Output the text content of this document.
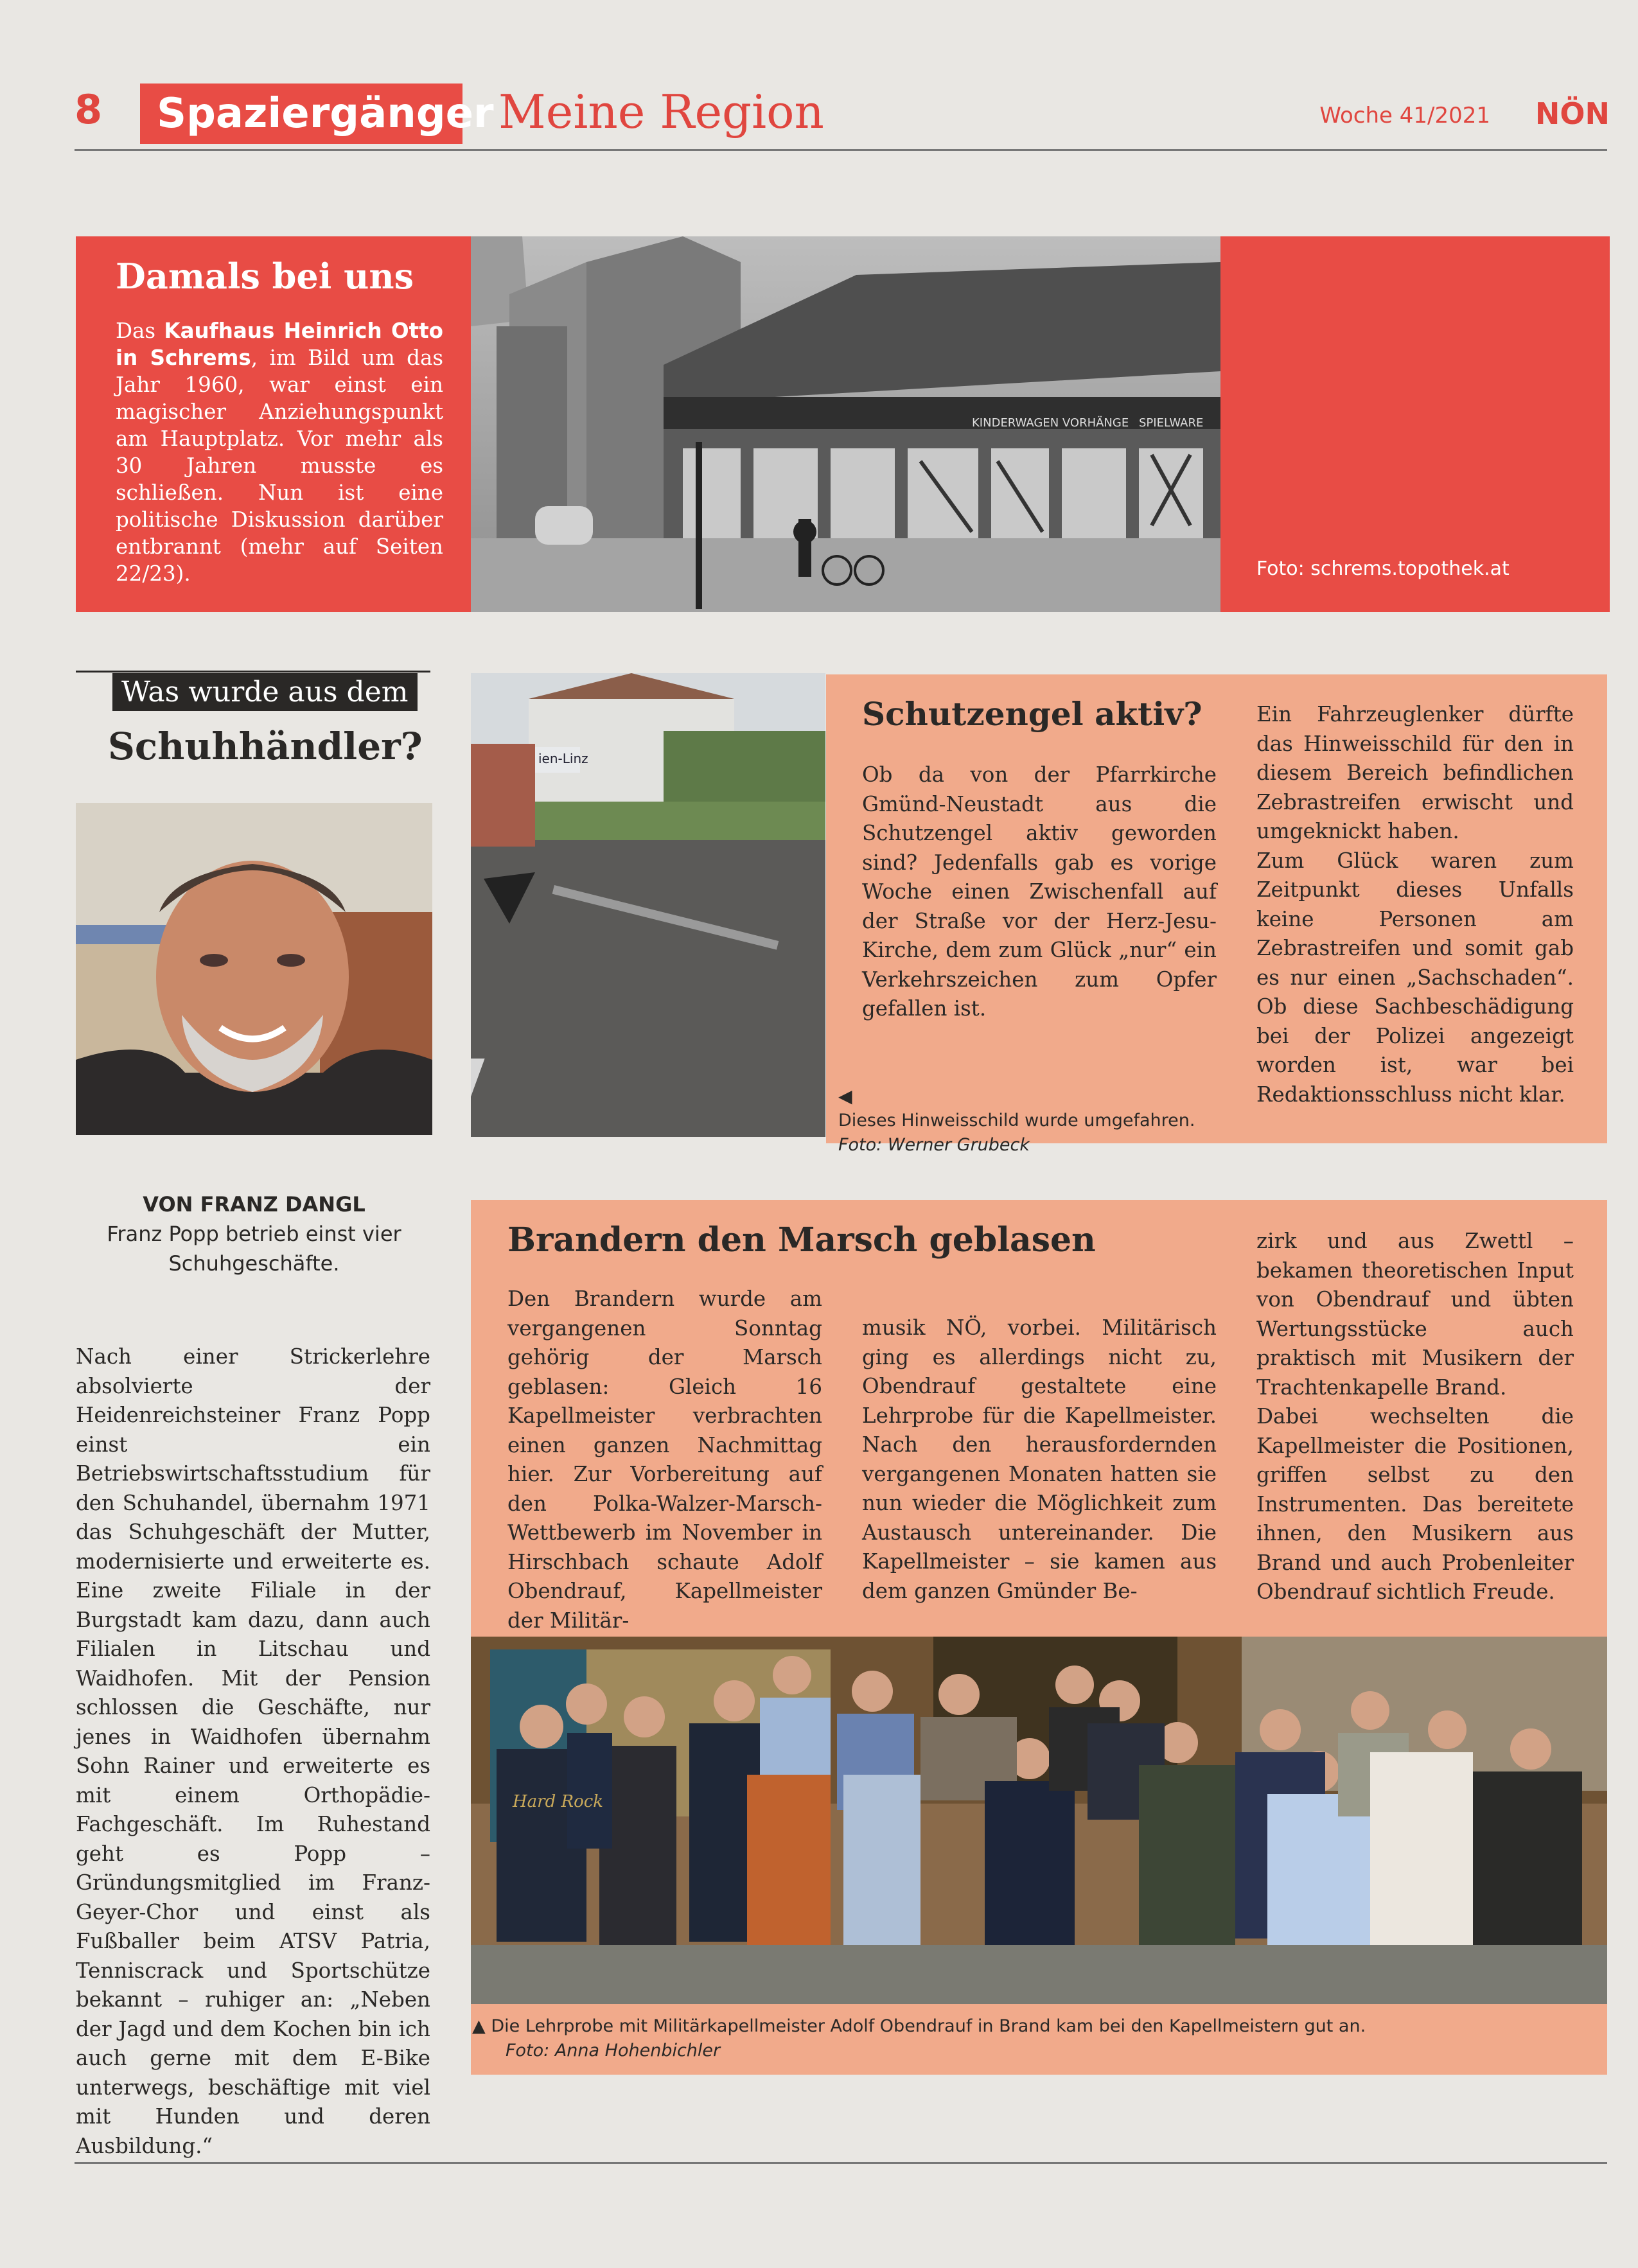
8	Spaziergänger Meine Region	Woche 41/2021 NÖN
Damals bei uns
Das Kaufhaus Heinrich Otto in Schrems, im Bild um das Jahr 1960, war einst ein magischer Anziehungspunkt am Hauptplatz. Vor mehr als 30 Jahren musste es schließen. Nun ist eine politische Diskussion darüber entbrannt (mehr auf Seiten 22/23).
KINDERWAGEN VORHÄNGE SPIELWARE
Foto: schrems.topothek.at
Was wurde aus dem
Schuhhändler?
VON FRANZ DANGL
Franz Popp betrieb einst vier Schuhgeschäfte.
Nach einer Strickerlehre absolvierte der Heidenreichsteiner Franz Popp einst ein Betriebswirtschaftsstudium für den Schuhandel, übernahm 1971 das Schuhgeschäft der Mutter, modernisierte und erweiterte es. Eine zweite Filiale in der Burgstadt kam dazu, dann auch Filialen in Litschau und Waidhofen. Mit der Pension schlossen die Geschäfte, nur jenes in Waidhofen übernahm Sohn Rainer und erweiterte es mit einem Orthopädie-Fachgeschäft. Im Ruhestand geht es Popp – Gründungsmitglied im Franz-Geyer-Chor und einst als Fußballer beim ATSV Patria, Tenniscrack und Sportschütze bekannt – ruhiger an: „Neben der Jagd und dem Kochen bin ich auch gerne mit dem E-Bike unterwegs, beschäftige mit viel mit Hunden und deren Ausbildung.“
ien-Linz
Schutzengel aktiv?
Ob da von der Pfarrkirche Gmünd-Neustadt aus die Schutzengel aktiv geworden sind? Jedenfalls gab es vorige Woche einen Zwischenfall auf der Straße vor der Herz-Jesu-Kirche, dem zum Glück „nur“ ein Verkehrszeichen zum Opfer gefallen ist.

Ein Fahrzeuglenker dürfte das Hinweisschild für den in diesem Bereich befindlichen Zebrastreifen erwischt und umgeknickt haben.

Zum Glück waren zum Zeitpunkt dieses Unfalls keine Personen am Zebrastreifen und somit gab es nur einen „Sachschaden“. Ob diese Sachbeschädigung bei der Polizei angezeigt worden ist, war bei Redaktionsschluss nicht klar.

◀
Dieses Hinweisschild wurde umgefahren.
Foto: Werner Grubeck
Brandern den Marsch geblasen
Den Brandern wurde am vergangenen Sonntag gehörig der Marsch geblasen: Gleich 16 Kapellmeister verbrachten einen ganzen Nachmittag hier. Zur Vorbereitung auf den Polka-Walzer-Marsch-Wettbewerb im November in Hirschbach schaute Adolf Obendrauf, Kapellmeister der Militär-
musik NÖ, vorbei. Militärisch ging es allerdings nicht zu, Obendrauf gestaltete eine Lehrprobe für die Kapellmeister. Nach den herausfordernden vergangenen Monaten hatten sie nun wieder die Möglichkeit zum Austausch untereinander. Die Kapellmeister – sie kamen aus dem ganzen Gmünder Be-

zirk und aus Zwettl – bekamen theoretischen Input von Obendrauf und übten Wertungsstücke auch praktisch mit Musikern der Trachtenkapelle Brand.

Dabei wechselten die Kapellmeister die Positionen, griffen selbst zu den Instrumenten. Das bereitete ihnen, den Musikern aus Brand und auch Probenleiter Obendrauf sichtlich Freude.

Hard Rock
▲ Die Lehrprobe mit Militärkapellmeister Adolf Obendrauf in Brand kam bei den Kapellmeistern gut an.
Foto: Anna Hohenbichler
